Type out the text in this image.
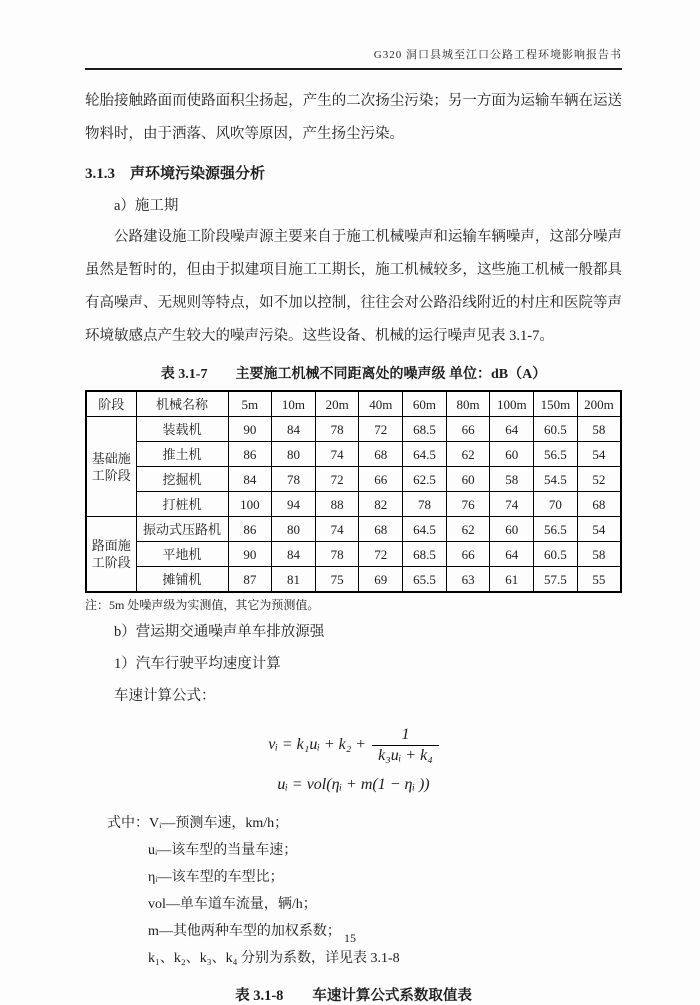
G320 洞口县城至江口公路工程环境影响报告书

轮胎接触路面而使路面积尘扬起，产生的二次扬尘污染；另一方面为运输车辆在运送物料时，由于洒落、风吹等原因，产生扬尘污染。

3.1.3　声环境污染源强分析
a）施工期

公路建设施工阶段噪声源主要来自于施工机械噪声和运输车辆噪声，这部分噪声虽然是暂时的，但由于拟建项目施工工期长，施工机械较多，这些施工机械一般都具有高噪声、无规则等特点，如不加以控制，往往会对公路沿线附近的村庄和医院等声环境敏感点产生较大的噪声污染。这些设备、机械的运行噪声见表 3.1-7。

表 3.1-7　　主要施工机械不同距离处的噪声级 单位：dB（A）
阶段	机械名称	5m	10m	20m	40m	60m	80m	100m	150m	200m
基础施工阶段	装载机	90	84	78	72	68.5	66	64	60.5	58
	推土机	86	80	74	68	64.5	62	60	56.5	54
	挖掘机	84	78	72	66	62.5	60	58	54.5	52
	打桩机	100	94	88	82	78	76	74	70	68
路面施工阶段	振动式压路机	86	80	74	68	64.5	62	60	56.5	54
	平地机	90	84	78	72	68.5	66	64	60.5	58
	摊铺机	87	81	75	69	65.5	63	61	57.5	55
注：5m 处噪声级为实测值，其它为预测值。
b）营运期交通噪声单车排放源强
1）汽车行驶平均速度计算
车速计算公式：
vᵢ = k₁uᵢ + $k_2 + \frac{1}{\text{k₃uᵢ + k₄}}$
uᵢ = vol(ηᵢ + m(1 − ηᵢ ))
式中：Vᵢ—预测车速，km/h；
uᵢ—该车型的当量车速；
ηᵢ—该车型的车型比；
vol—单车道车流量，辆/h；
m—其他两种车型的加权系数；
k₁、k₂、k₃、k₄ 分别为系数，详见表 3.1-8
表 3.1-8　　车速计算公式系数取值表
15
